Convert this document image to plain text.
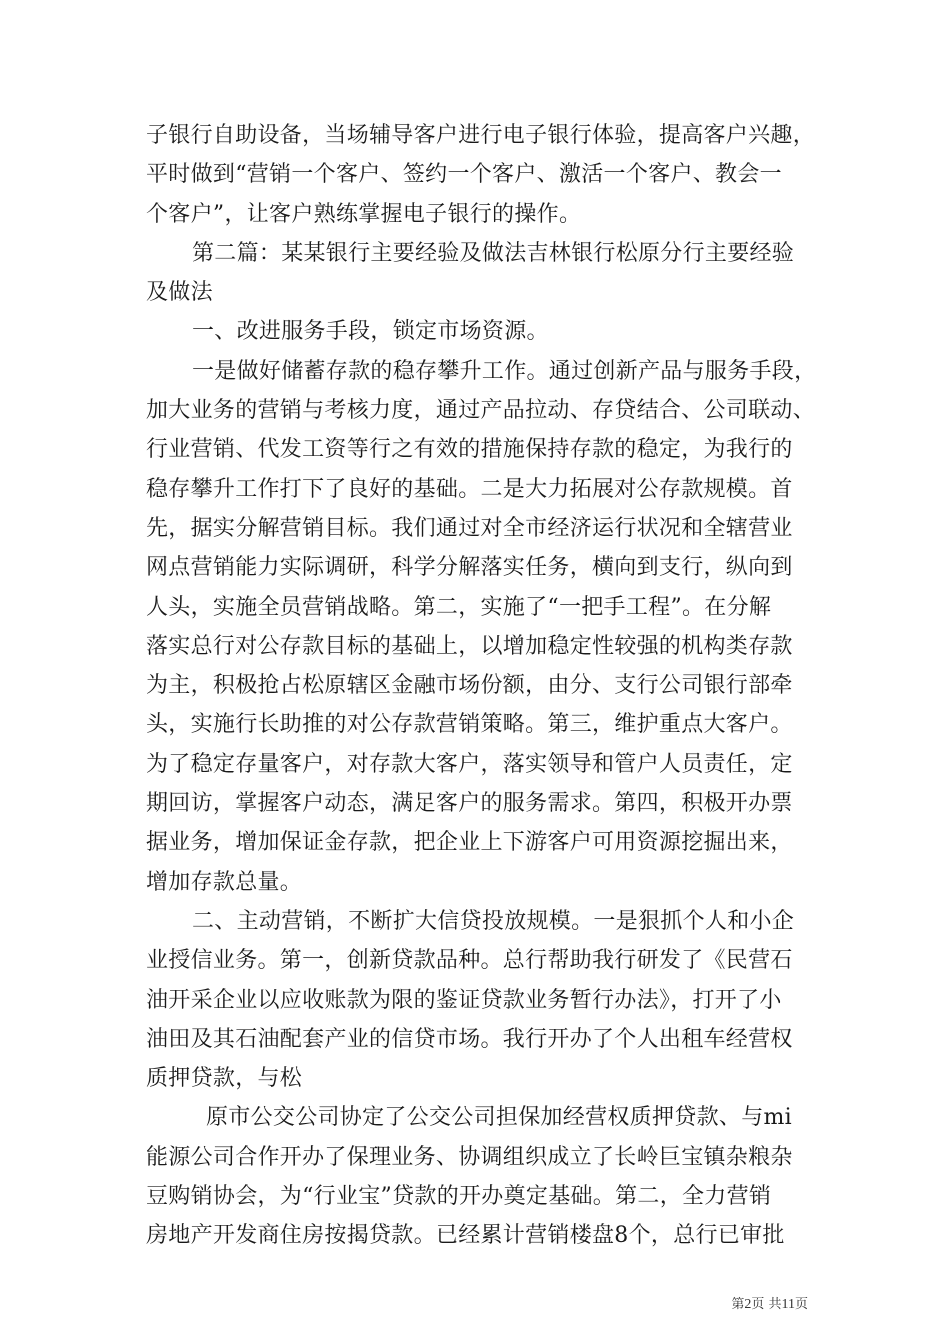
子银行自助设备，当场辅导客户进行电子银行体验，提高客户兴趣，
平时做到“营销一个客户、签约一个客户、激活一个客户、教会一
个客户”，让客户熟练掌握电子银行的操作。
第二篇：某某银行主要经验及做法吉林银行松原分行主要经验
及做法
一、改进服务手段，锁定市场资源。
一是做好储蓄存款的稳存攀升工作。通过创新产品与服务手段，
加大业务的营销与考核力度，通过产品拉动、存贷结合、公司联动、
行业营销、代发工资等行之有效的措施保持存款的稳定，为我行的
稳存攀升工作打下了良好的基础。二是大力拓展对公存款规模。首
先，据实分解营销目标。我们通过对全市经济运行状况和全辖营业
网点营销能力实际调研，科学分解落实任务，横向到支行，纵向到
人头，实施全员营销战略。第二，实施了“一把手工程”。在分解
落实总行对公存款目标的基础上，以增加稳定性较强的机构类存款
为主，积极抢占松原辖区金融市场份额，由分、支行公司银行部牵
头，实施行长助推的对公存款营销策略。第三，维护重点大客户。
为了稳定存量客户，对存款大客户，落实领导和管户人员责任，定
期回访，掌握客户动态，满足客户的服务需求。第四，积极开办票
据业务，增加保证金存款，把企业上下游客户可用资源挖掘出来，
增加存款总量。
二、主动营销，不断扩大信贷投放规模。一是狠抓个人和小企
业授信业务。第一，创新贷款品种。总行帮助我行研发了《民营石
油开采企业以应收账款为限的鉴证贷款业务暂行办法》，打开了小
油田及其石油配套产业的信贷市场。我行开办了个人出租车经营权
质押贷款，与松
原市公交公司协定了公交公司担保加经营权质押贷款、与mi
能源公司合作开办了保理业务、协调组织成立了长岭巨宝镇杂粮杂
豆购销协会，为“行业宝”贷款的开办奠定基础。第二，全力营销
房地产开发商住房按揭贷款。已经累计营销楼盘8个，总行已审批
第2页 共11页
